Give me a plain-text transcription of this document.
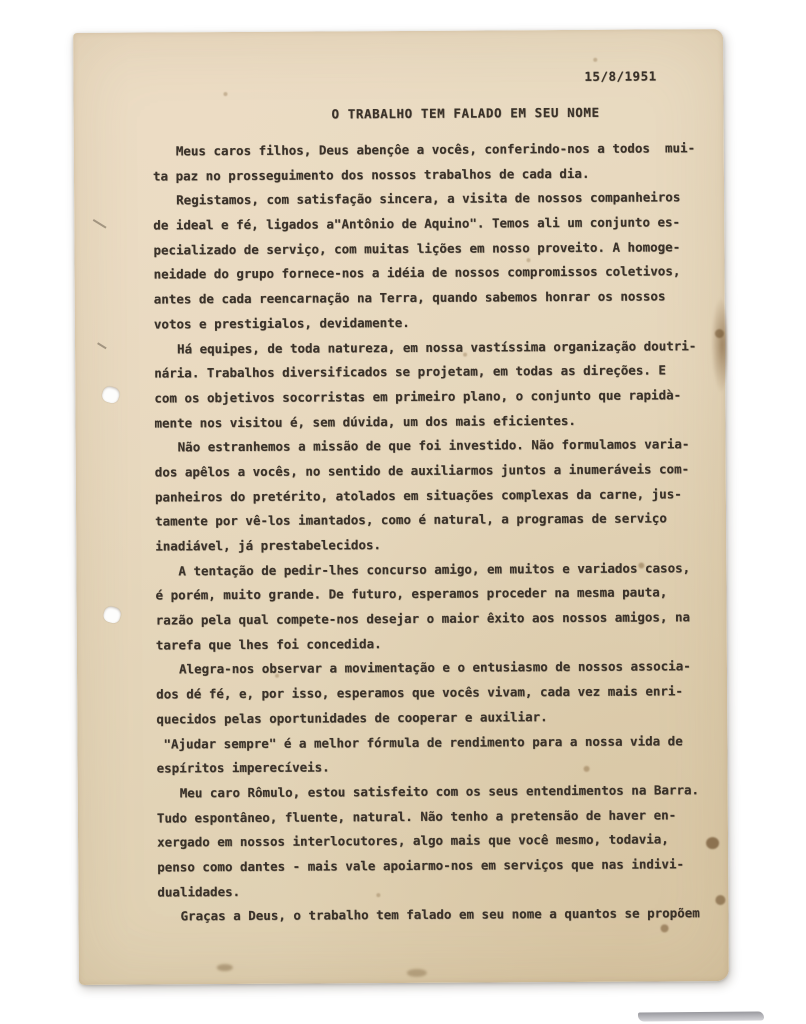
15/8/1951
O TRABALHO TEM FALADO EM SEU NOME
Meus caros filhos, Deus abençôe a vocês, conferindo-nos a todos  mui-
ta paz no prosseguimento dos nossos trabalhos de cada dia.
Registamos, com satisfação sincera, a visita de nossos companheiros
de ideal e fé, ligados a"Antônio de Aquino". Temos ali um conjunto es-
pecializado de serviço, com muitas lições em nosso proveito. A homoge-
neidade do grupo fornece-nos a idéia de nossos compromissos coletivos,
antes de cada reencarnação na Terra, quando sabemos honrar os nossos
votos e prestigialos, devidamente.
Há equipes, de toda natureza, em nossa vastíssima organização doutri-
nária. Trabalhos diversificados se projetam, em todas as direções. E
com os objetivos socorristas em primeiro plano, o conjunto que rapidà-
mente nos visitou é, sem dúvida, um dos mais eficientes.
Não estranhemos a missão de que foi investido. Não formulamos varia-
dos apêlos a vocês, no sentido de auxiliarmos juntos a inumeráveis com-
panheiros do pretérito, atolados em situações complexas da carne, jus-
tamente por vê-los imantados, como é natural, a programas de serviço
inadiável, já prestabelecidos.
A tentação de pedir-lhes concurso amigo, em muitos e variados casos,
é porém, muito grande. De futuro, esperamos proceder na mesma pauta,
razão pela qual compete-nos desejar o maior êxito aos nossos amigos, na
tarefa que lhes foi concedida.
Alegra-nos observar a movimentação e o entusiasmo de nossos associa-
dos dé fé, e, por isso, esperamos que vocês vivam, cada vez mais enri-
quecidos pelas oportunidades de cooperar e auxiliar.
"Ajudar sempre" é a melhor fórmula de rendimento para a nossa vida de
espíritos imperecíveis.
Meu caro Rômulo, estou satisfeito com os seus entendimentos na Barra.
Tudo espontâneo, fluente, natural. Não tenho a pretensão de haver en-
xergado em nossos interlocutores, algo mais que você mesmo, todavia,
penso como dantes - mais vale apoiarmo-nos em serviços que nas indivi-
dualidades.
Graças a Deus, o trabalho tem falado em seu nome a quantos se propõem
